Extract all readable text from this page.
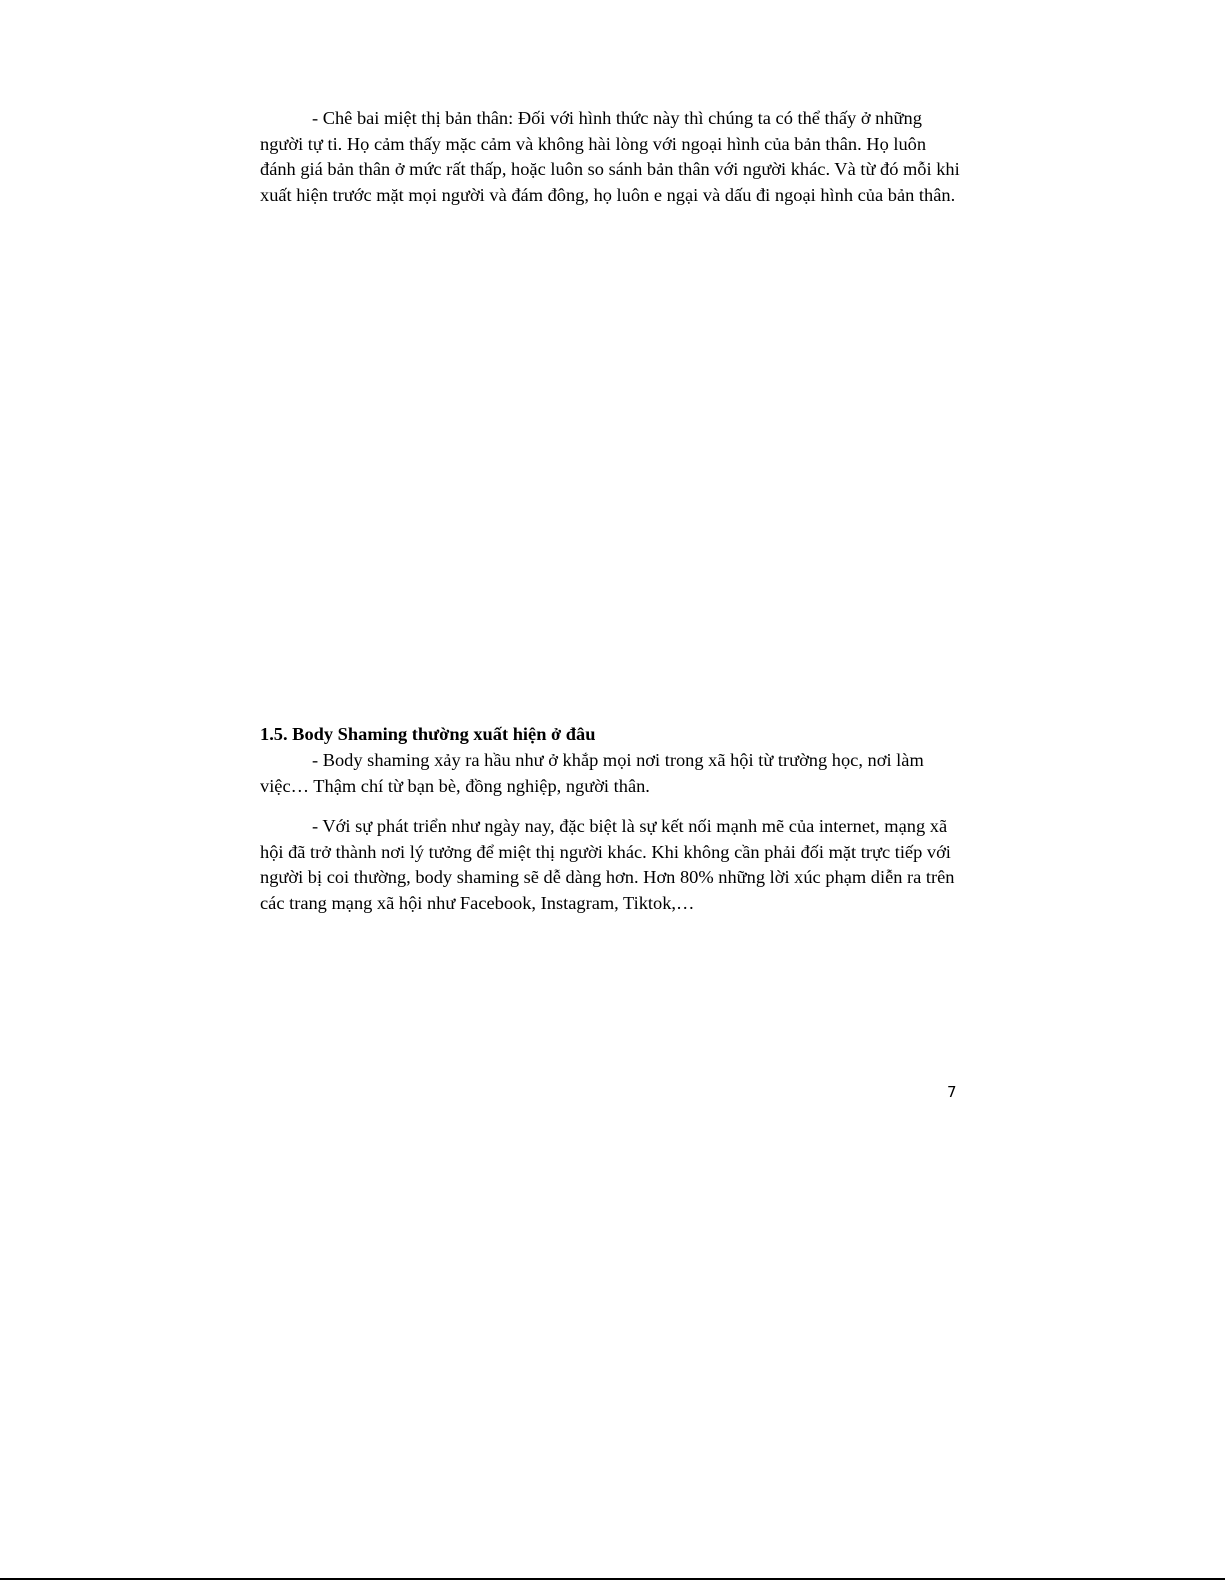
- Chê bai miệt thị bản thân: Đối với hình thức này thì chúng ta có thể thấy ở những người tự ti. Họ cảm thấy mặc cảm và không hài lòng với ngoại hình của bản thân. Họ luôn đánh giá bản thân ở mức rất thấp, hoặc luôn so sánh bản thân với người khác. Và từ đó mỗi khi xuất hiện trước mặt mọi người và đám đông, họ luôn e ngại và dấu đi ngoại hình của bản thân.

1.5. Body Shaming thường xuất hiện ở đâu

- Body shaming xảy ra hầu như ở khắp mọi nơi trong xã hội từ trường học, nơi làm việc… Thậm chí từ bạn bè, đồng nghiệp, người thân.

- Với sự phát triển như ngày nay, đặc biệt là sự kết nối mạnh mẽ của internet, mạng xã hội đã trở thành nơi lý tưởng để miệt thị người khác. Khi không cần phải đối mặt trực tiếp với người bị coi thường, body shaming sẽ dễ dàng hơn. Hơn 80% những lời xúc phạm diễn ra trên các trang mạng xã hội như Facebook, Instagram, Tiktok,…

7
